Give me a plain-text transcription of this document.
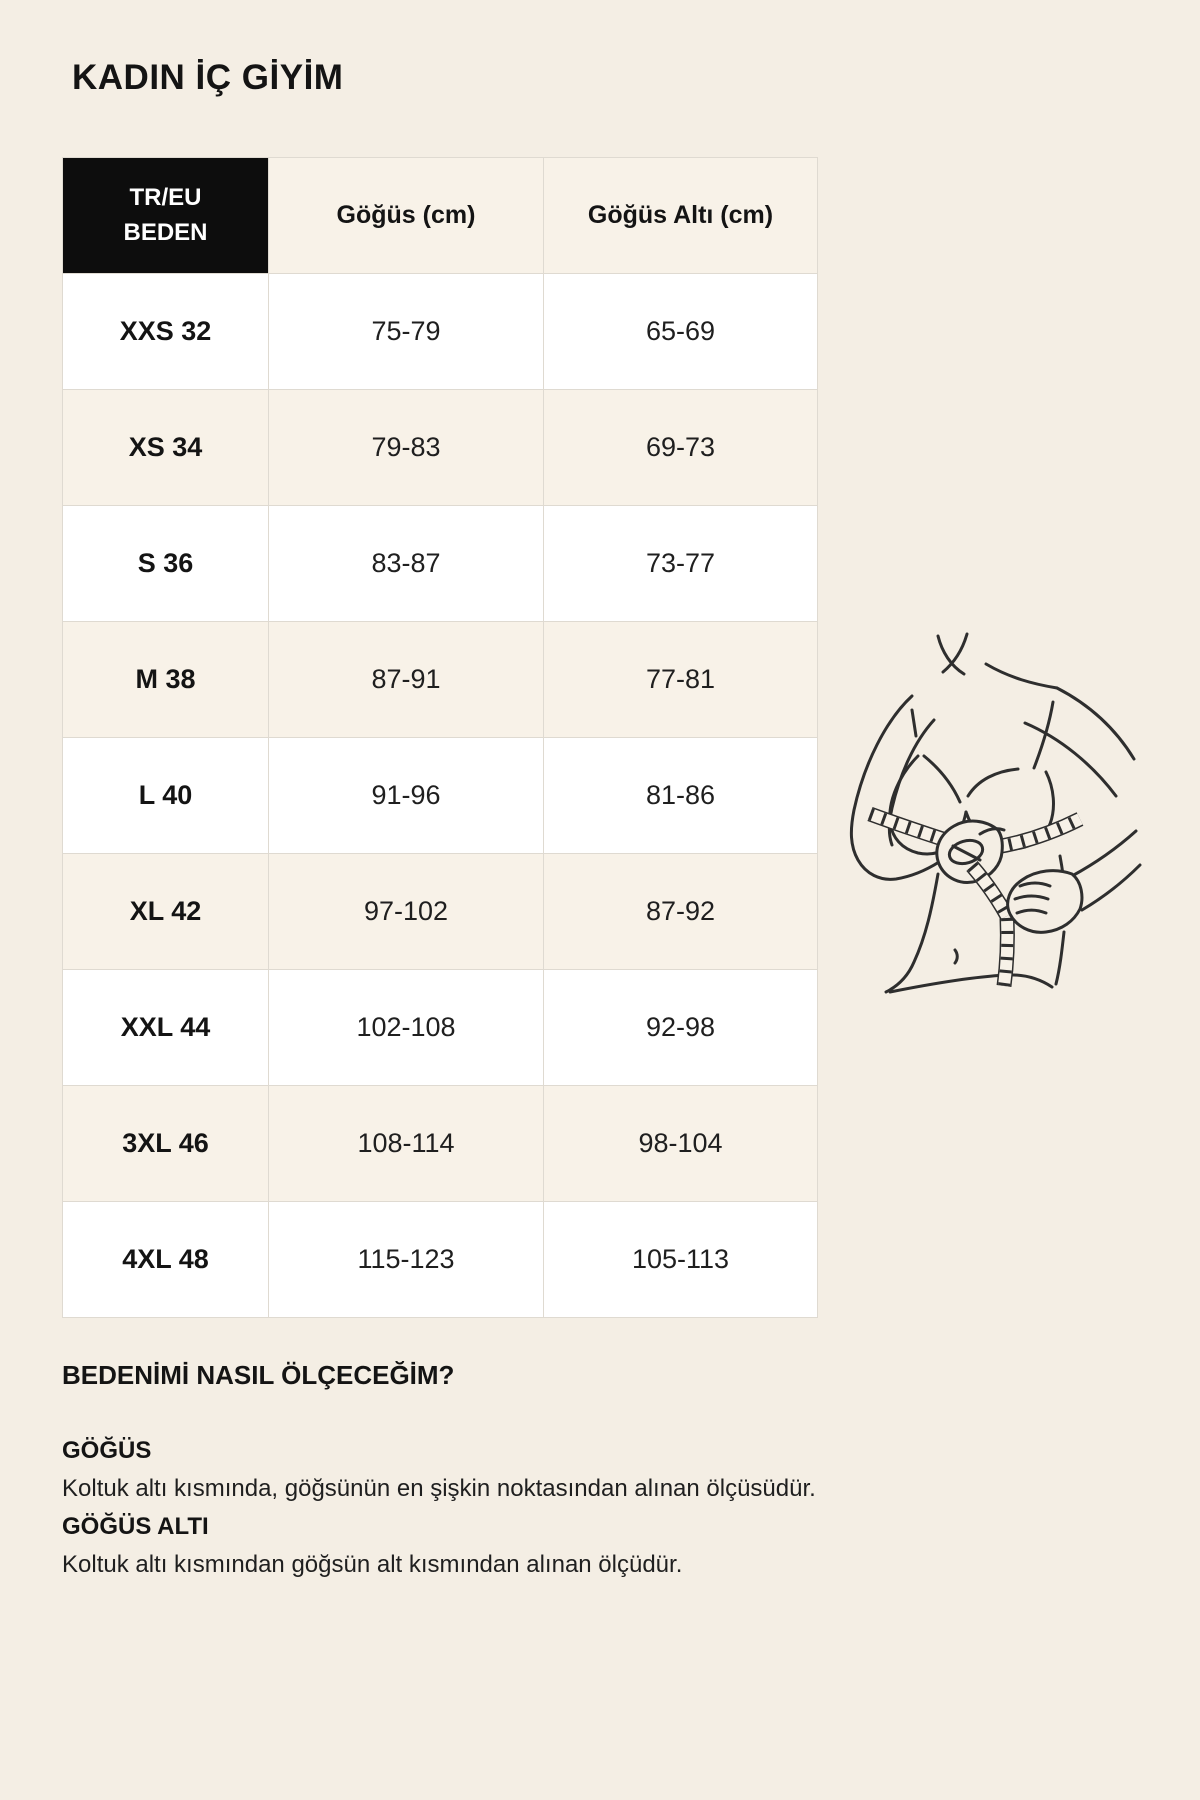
KADIN İÇ GİYİM
TR/EU
BEDEN	Göğüs (cm)	Göğüs Altı (cm)
XXS 32	75-79	65-69
XS 34	79-83	69-73
S 36	83-87	73-77
M 38	87-91	77-81
L 40	91-96	81-86
XL 42	97-102	87-92
XXL 44	102-108	92-98
3XL 46	108-114	98-104
4XL 48	115-123	105-113
BEDENİMİ NASIL ÖLÇECEĞİM?
GÖĞÜS

Koltuk altı kısmında, göğsünün en şişkin noktasından alınan ölçüsüdür.

GÖĞÜS ALTI

Koltuk altı kısmından göğsün alt kısmından alınan ölçüdür.
